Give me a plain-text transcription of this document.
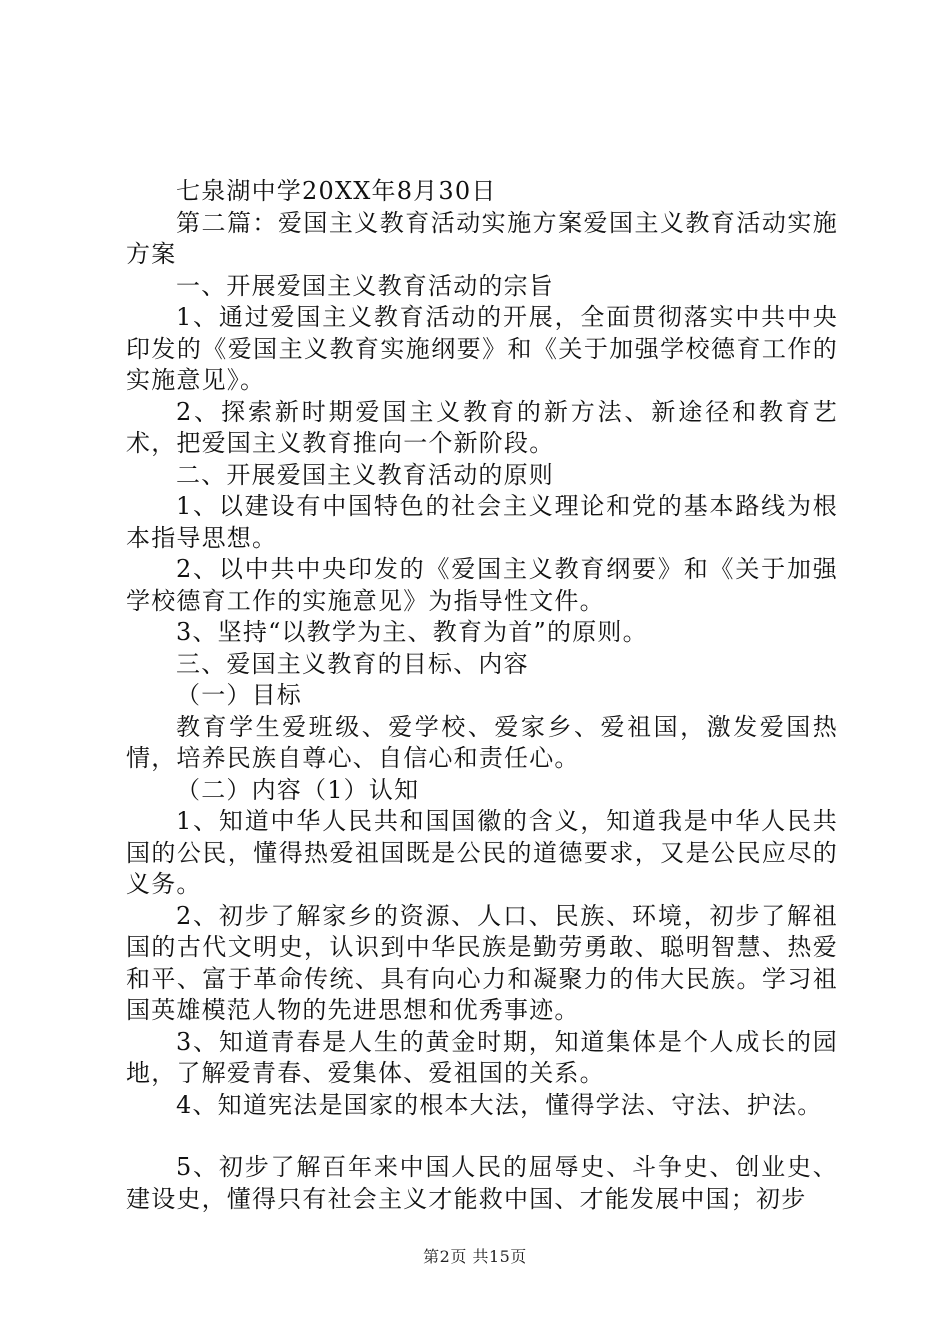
七泉湖中学20XX年8月30日

第二篇：爱国主义教育活动实施方案爱国主义教育活动实施方案

一、开展爱国主义教育活动的宗旨

1、通过爱国主义教育活动的开展，全面贯彻落实中共中央印发的《爱国主义教育实施纲要》和《关于加强学校德育工作的实施意见》。

2、探索新时期爱国主义教育的新方法、新途径和教育艺术，把爱国主义教育推向一个新阶段。

二、开展爱国主义教育活动的原则

1、以建设有中国特色的社会主义理论和党的基本路线为根本指导思想。

2、以中共中央印发的《爱国主义教育纲要》和《关于加强学校德育工作的实施意见》为指导性文件。

3、坚持“以教学为主、教育为首”的原则。

三、爱国主义教育的目标、内容

（一）目标

教育学生爱班级、爱学校、爱家乡、爱祖国，激发爱国热情，培养民族自尊心、自信心和责任心。

（二）内容（1）认知

1、知道中华人民共和国国徽的含义，知道我是中华人民共国的公民，懂得热爱祖国既是公民的道德要求，又是公民应尽的义务。

2、初步了解家乡的资源、人口、民族、环境，初步了解祖国的古代文明史，认识到中华民族是勤劳勇敢、聪明智慧、热爱和平、富于革命传统、具有向心力和凝聚力的伟大民族。学习祖国英雄模范人物的先进思想和优秀事迹。

3、知道青春是人生的黄金时期，知道集体是个人成长的园地，了解爱青春、爱集体、爱祖国的关系。

4、知道宪法是国家的根本大法，懂得学法、守法、护法。

5、初步了解百年来中国人民的屈辱史、斗争史、创业史、建设史，懂得只有社会主义才能救中国、才能发展中国；初步

第2页 共15页
